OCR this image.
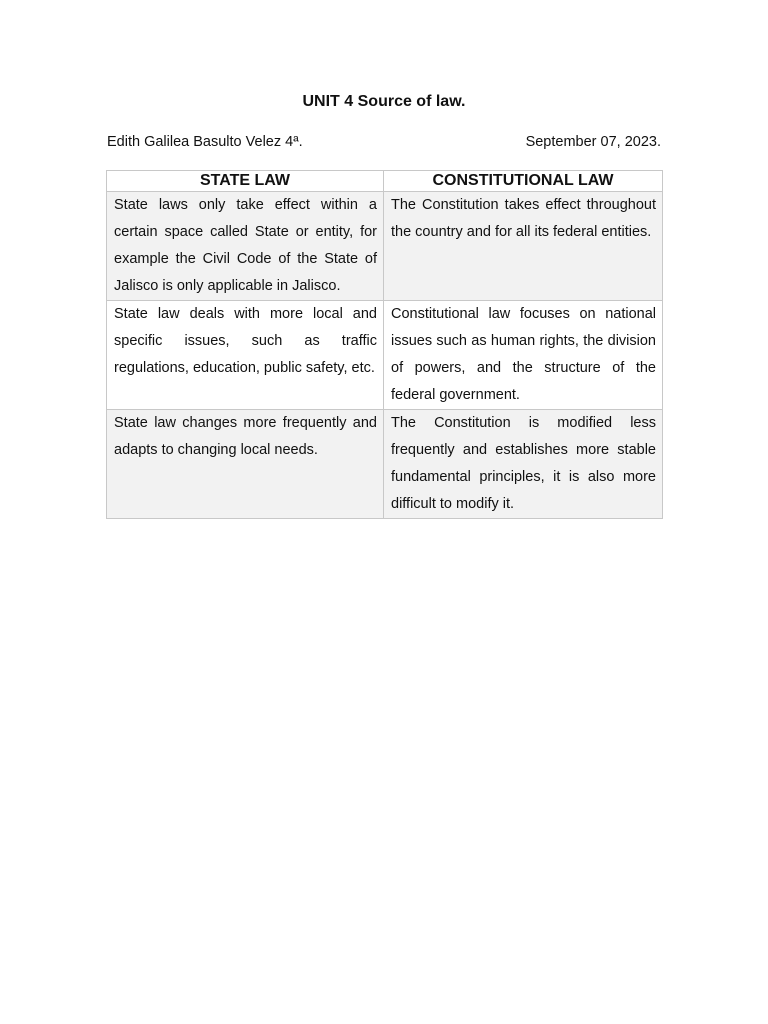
UNIT 4 Source of law.
Edith Galilea Basulto Velez 4ª.	September 07, 2023.
STATE LAW	CONSTITUTIONAL LAW
State laws only take effect within a certain space called State or entity, for example the Civil Code of the State of Jalisco is only applicable in Jalisco.	The Constitution takes effect throughout the country and for all its federal entities.
State law deals with more local and specific issues, such as traffic regulations, education, public safety, etc.	Constitutional law focuses on national issues such as human rights, the division of powers, and the structure of the federal government.
State law changes more frequently and adapts to changing local needs.	The Constitution is modified less frequently and establishes more stable fundamental principles, it is also more difficult to modify it.
